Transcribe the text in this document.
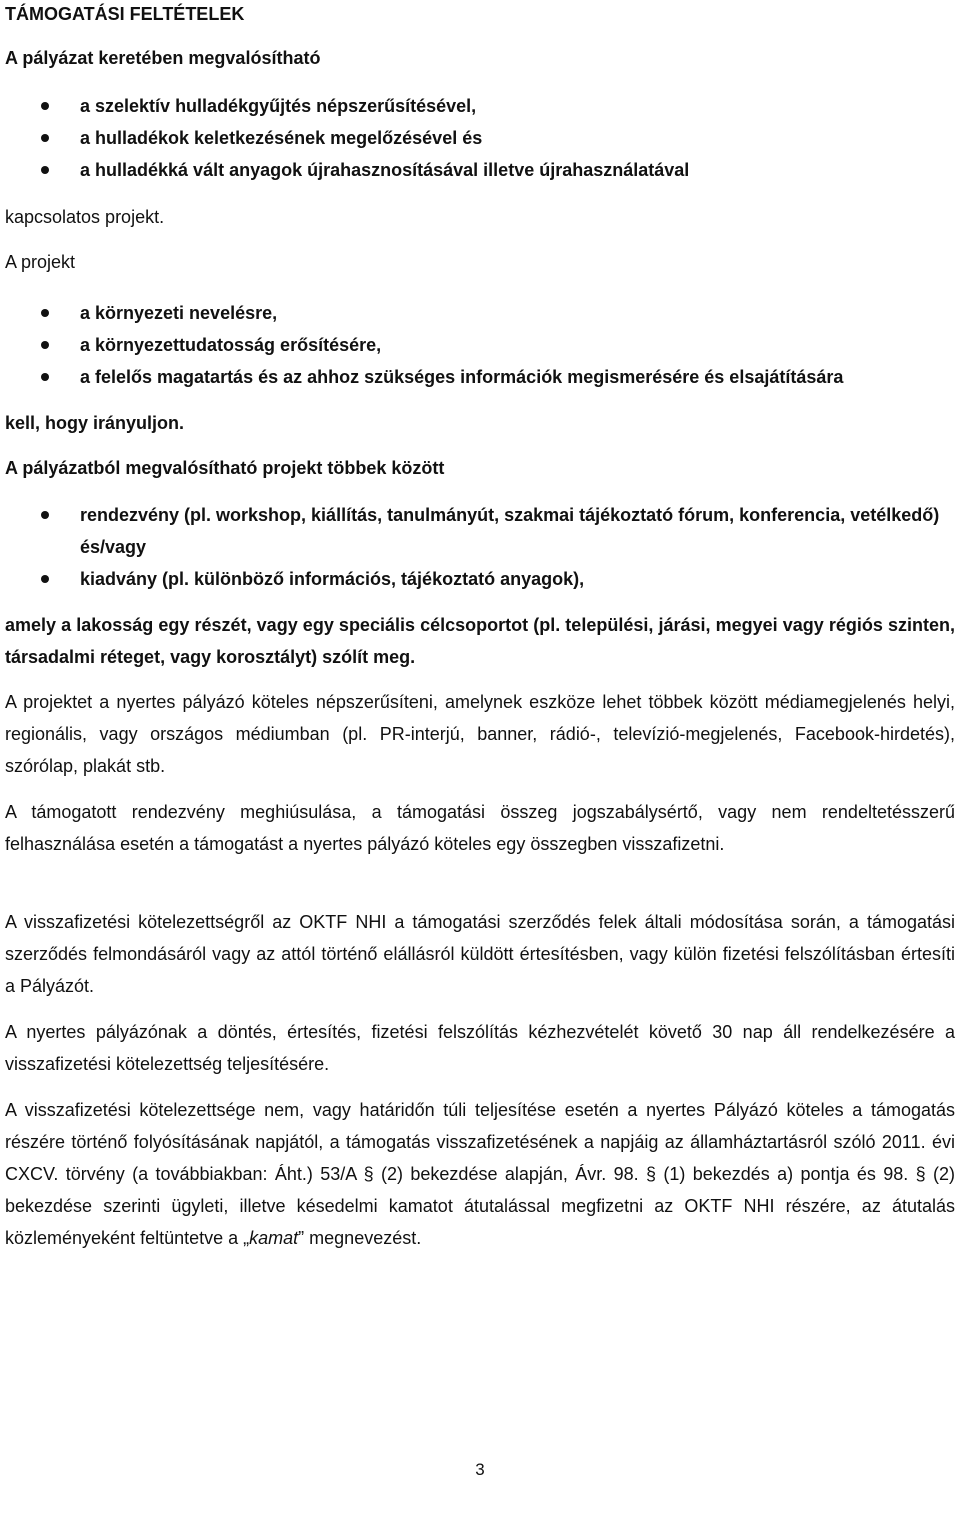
TÁMOGATÁSI FELTÉTELEK
A pályázat keretében megvalósítható
a szelektív hulladékgyűjtés népszerűsítésével,
a hulladékok keletkezésének megelőzésével és
a hulladékká vált anyagok újrahasznosításával illetve újrahasználatával
kapcsolatos projekt.
A projekt
a környezeti nevelésre,
a környezettudatosság erősítésére,
a felelős magatartás és az ahhoz szükséges információk megismerésére és elsajátítására
kell, hogy irányuljon.
A pályázatból megvalósítható projekt többek között
rendezvény (pl. workshop, kiállítás, tanulmányút, szakmai tájékoztató fórum, konferencia, vetélkedő) és/vagy
kiadvány (pl. különböző információs, tájékoztató anyagok),
amely a lakosság egy részét, vagy egy speciális célcsoportot (pl. települési, járási, megyei vagy régiós szinten, társadalmi réteget, vagy korosztályt) szólít meg.
A projektet a nyertes pályázó köteles népszerűsíteni, amelynek eszköze lehet többek között médiamegjelenés helyi, regionális, vagy országos médiumban (pl. PR-interjú, banner, rádió-, televízió-megjelenés, Facebook-hirdetés), szórólap, plakát stb.
A támogatott rendezvény meghiúsulása, a támogatási összeg jogszabálysértő, vagy nem rendeltetésszerű felhasználása esetén a támogatást a nyertes pályázó köteles egy összegben visszafizetni.
A visszafizetési kötelezettségről az OKTF NHI a támogatási szerződés felek általi módosítása során, a támogatási szerződés felmondásáról vagy az attól történő elállásról küldött értesítésben, vagy külön fizetési felszólításban értesíti a Pályázót.
A nyertes pályázónak a döntés, értesítés, fizetési felszólítás kézhezvételét követő 30 nap áll rendelkezésére a visszafizetési kötelezettség teljesítésére.
A visszafizetési kötelezettsége nem, vagy határidőn túli teljesítése esetén a nyertes Pályázó köteles a támogatás részére történő folyósításának napjától, a támogatás visszafizetésének a napjáig az államháztartásról szóló 2011. évi CXCV. törvény (a továbbiakban: Áht.) 53/A § (2) bekezdése alapján, Ávr. 98. § (1) bekezdés a) pontja és 98. § (2) bekezdése szerinti ügyleti, illetve késedelmi kamatot átutalással megfizetni az OKTF NHI részére, az átutalás közleményeként feltüntetve a „kamat” megnevezést.
3
